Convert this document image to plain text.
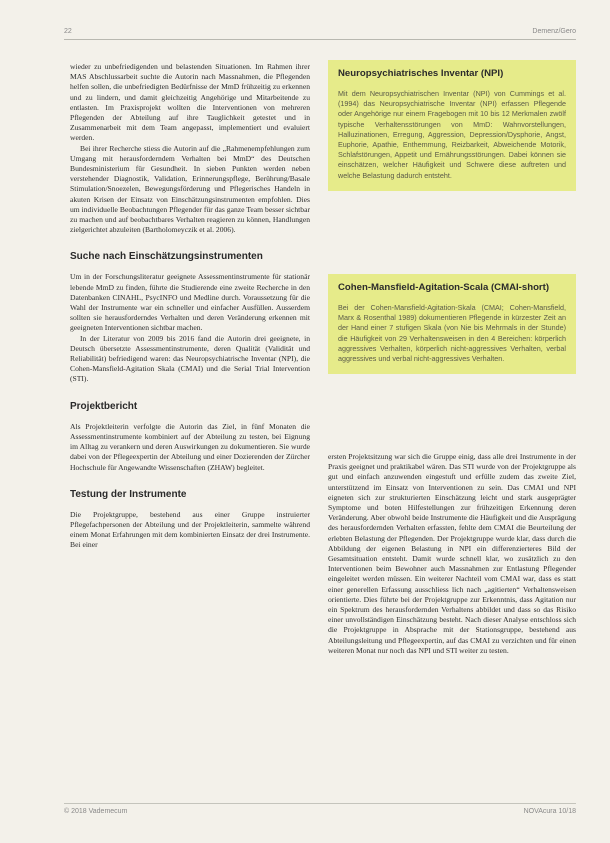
22	Demenz/Gero

wieder zu unbefriedigenden und belastenden Situationen. Im Rahmen ihrer MAS Abschlussarbeit suchte die Autorin nach Massnahmen, die Pflegenden helfen sollen, die unbefriedigten Bedürfnisse der MmD frühzeitig zu erkennen und zu lindern, und damit gleichzeitig Angehörige und Mitarbeitende zu entlasten. Im Praxisprojekt wollten die Interventionen von mehreren Pflegenden der Abteilung auf ihre Tauglichkeit getestet und in Zusammenarbeit mit dem Team angepasst, implementiert und evaluiert werden.

Bei ihrer Recherche stiess die Autorin auf die „Rahmenempfehlungen zum Umgang mit herausforderndem Verhalten bei MmD“ des Deutschen Bundesministerium für Gesundheit. In sieben Punkten werden neben verstehender Diagnostik, Validation, Erinnerungspflege, Berührung/Basale Stimulation/Snoezelen, Bewegungsförderung und Pflegerisches Handeln in akuten Krisen der Einsatz von Einschätzungsinstrumenten empfohlen. Dies um individuelle Beobachtungen Pflegender für das ganze Team besser sichtbar zu machen und auf beobachtbares Verhalten reagieren zu können, Handlungen zielgerichtet abzuleiten (Bartholomeyczik et al. 2006).

Suche nach Einschätzungsinstrumenten

Um in der Forschungsliteratur geeignete Assessmentinstrumente für stationär lebende MmD zu finden, führte die Studierende eine zweite Recherche in den Datenbanken CINAHL, PsycINFO und Medline durch. Voraussetzung für die Wahl der Instrumente war ein schneller und einfacher Ausfüllen. Ausserdem sollten sie herausforderndes Verhalten und deren Veränderung erkennen mit geeigneten Interventionen sichtbar machen.

In der Literatur von 2009 bis 2016 fand die Autorin drei geeignete, in Deutsch übersetzte Assessmentinstrumente, deren Qualität (Validität und Reliabilität) befriedigend waren: das Neuropsychiatrische Inventar (NPI), die Cohen-Mansfield-Agitation Skala (CMAI) und die Serial Trial Intervention (STI).

Projektbericht

Als Projektleiterin verfolgte die Autorin das Ziel, in fünf Monaten die Assessmentinstrumente kombiniert auf der Abteilung zu testen, bei Eignung im Alltag zu verankern und deren Auswirkungen zu dokumentieren. Sie wurde dabei von der Pflegeexpertin der Abteilung und einer Dozierenden der Zürcher Hochschule für Angewandte Wissenschaften (ZHAW) begleitet.

Testung der Instrumente

Die Projektgruppe, bestehend aus einer Gruppe instruierter Pflegefachpersonen der Abteilung und der Projektleiterin, sammelte während einem Monat Erfahrungen mit dem kombinierten Einsatz der drei Instrumente. Bei einer

Neuropsychiatrisches Inventar (NPI)

Mit dem Neuropsychiatrischen Inventar (NPI) von Cummings et al. (1994) das Neuropsychiatrische Inventar (NPI) erfassen Pflegende oder Angehörige nur einem Fragebogen mit 10 bis 12 Merkmalen zwölf typische Verhaltensstörungen von MmD: Wahnvorstellungen, Halluzinationen, Erregung, Aggression, Depression/Dysphorie, Angst, Euphorie, Apathie, Enthemmung, Reizbarkeit, Abweichende Motorik, Schlafstörungen, Appetit und Ernährungsstörungen. Dabei können sie einschätzen, welcher Häufigkeit und Schwere diese auftreten und welche Belastung dadurch entsteht.

Cohen-Mansfield-Agitation-Scala (CMAI-short)

Bei der Cohen-Mansfield-Agitation-Skala (CMAI; Cohen-Mansfield, Marx & Rosenthal 1989) dokumentieren Pflegende in kürzester Zeit an der Hand einer 7 stufigen Skala (von Nie bis Mehrmals in der Stunde) die Häufigkeit von 29 Verhaltensweisen in den 4 Bereichen: körperlich aggressives Verhalten, körperlich nicht-aggressives Verhalten, verbal aggressives und verbal nicht-aggressives Verhalten.

ersten Projektsitzung war sich die Gruppe einig, dass alle drei Instrumente in der Praxis geeignet und praktikabel wären. Das STI wurde von der Projektgruppe als gut und einfach anzuwenden eingestuft und erfülle zudem das zweite Ziel, unterstützend im Einsatz von Interventionen zu sein. Das CMAI und NPI eigneten sich zur strukturierten Einschätzung leicht und stark ausgeprägter Symptome und boten Hilfestellungen zur frühzeitigen Erkennung deren Veränderung. Aber obwohl beide Instrumente die Häufigkeit und die Ausprägung des herausfordernden Verhalten erfassten, fehlte dem CMAI die Beurteilung der erlebten Belastung der Pflegenden. Der Projektgruppe wurde klar, dass durch die Abbildung der eigenen Belastung in NPI ein differenzierteres Bild der Gesamtsituation entsteht. Damit wurde schnell klar, wo zusätzlich zu den Interventionen beim Bewohner auch Massnahmen zur Entlastung Pflegender eingeleitet werden müssen. Ein weiterer Nachteil vom CMAI war, dass es statt einer generellen Erfassung ausschliess lich nach „agitierten“ Verhaltensweisen orientierte. Dies führte bei der Projektgruppe zur Erkenntnis, dass Agitation nur ein Spektrum des herausfordernden Verhaltens abbildet und dass so das Risiko einer unvollständigen Einschätzung besteht. Nach dieser Analyse entschloss sich die Projektgruppe in Absprache mit der Stationsgruppe, bestehend aus Abteilungsleitung und Pflegeexpertin, auf das CMAI zu verzichten und für einen weiteren Monat nur noch das NPI und STI weiter zu testen.

© 2018 Vademecum	NOVAcura 10/18
